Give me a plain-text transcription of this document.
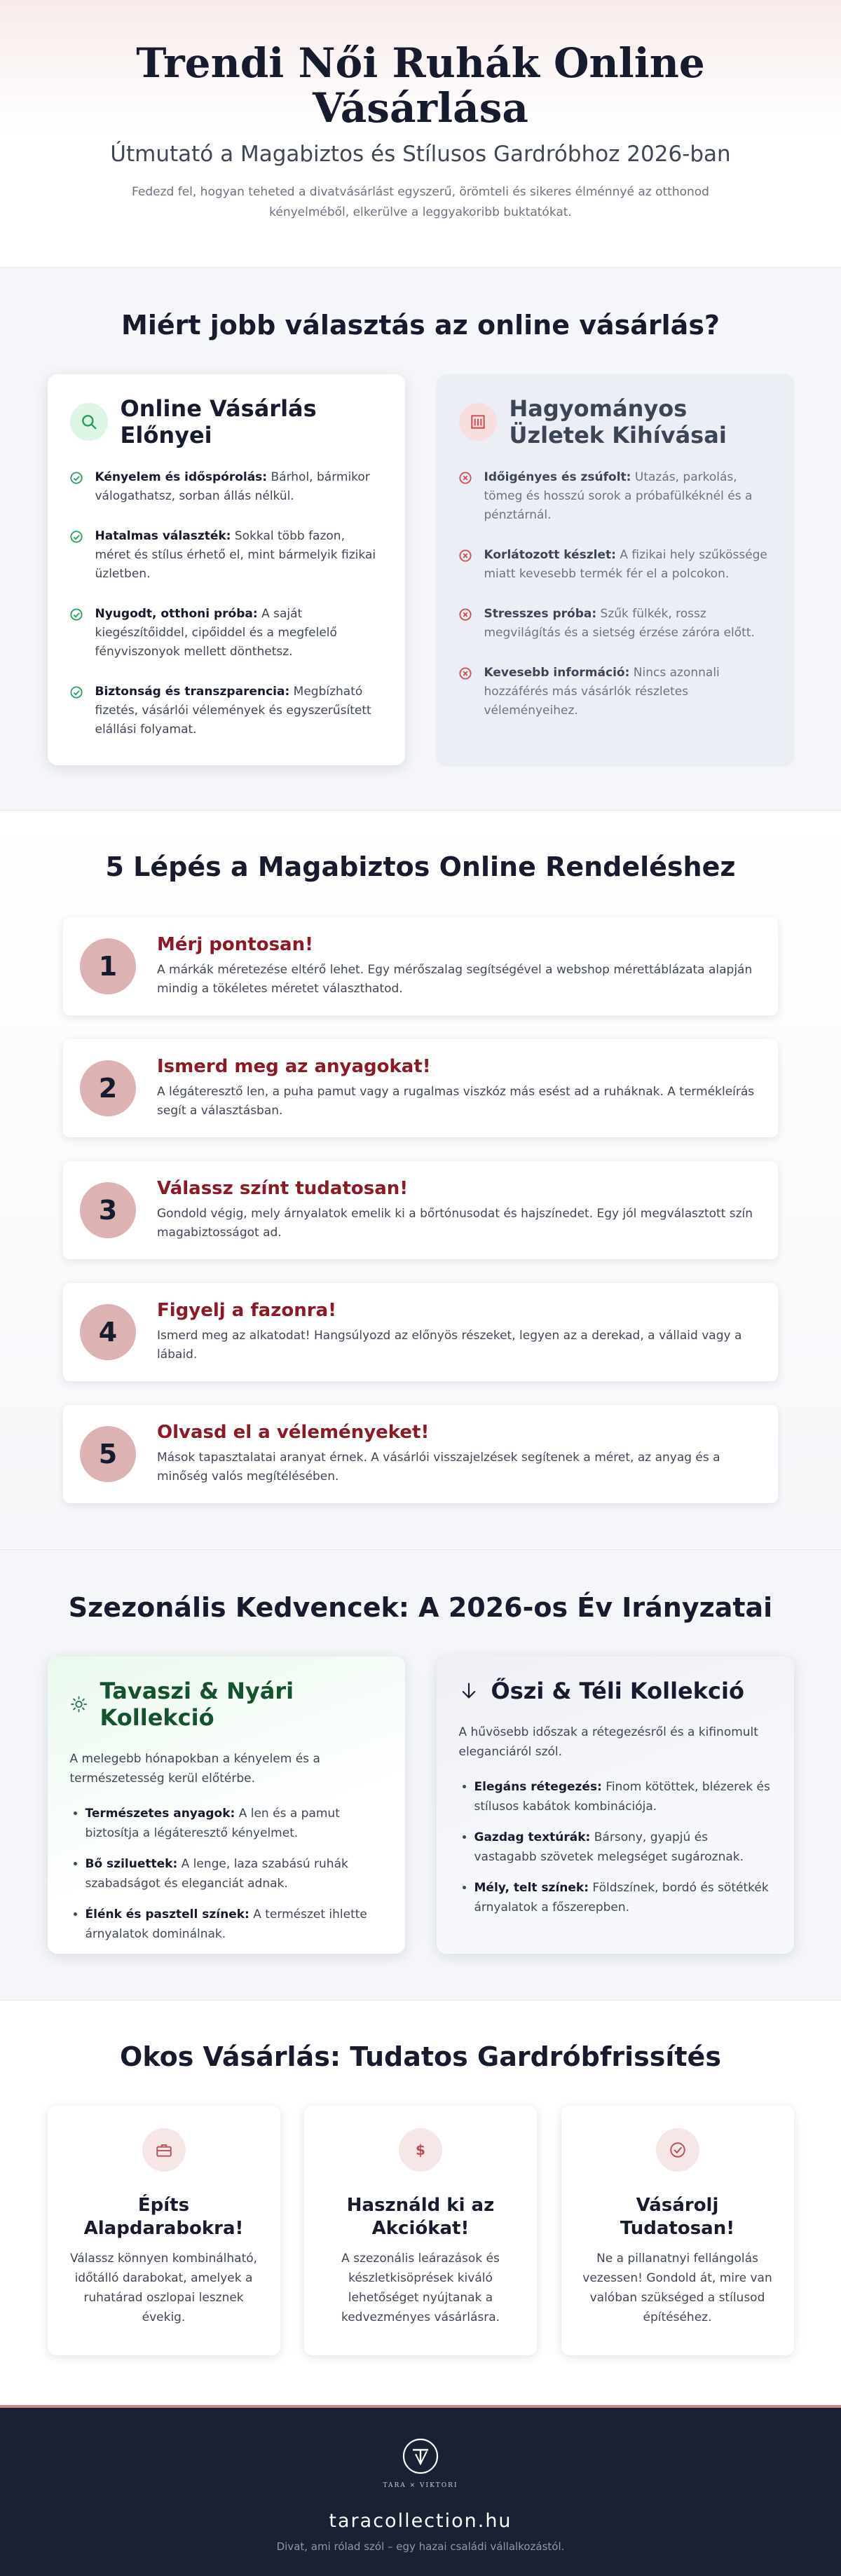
Trendi Női Ruhák Online Vásárlása
Útmutató a Magabiztos és Stílusos Gardróbhoz 2026-ban

Fedezd fel, hogyan teheted a divatvásárlást egyszerű, örömteli és sikeres élménnyé az otthonod kényelméből, elkerülve a leggyakoribb buktatókat.

Miért jobb választás az online vásárlás?
Online Vásárlás Előnyei
Kényelem és időspórolás: Bárhol, bármikor válogathatsz, sorban állás nélkül.
Hatalmas választék: Sokkal több fazon, méret és stílus érhető el, mint bármelyik fizikai üzletben.
Nyugodt, otthoni próba: A saját kiegészítőiddel, cipőiddel és a megfelelő fényviszonyok mellett dönthetsz.
Biztonság és transzparencia: Megbízható fizetés, vásárlói vélemények és egyszerűsített elállási folyamat.
Hagyományos Üzletek Kihívásai
Időigényes és zsúfolt: Utazás, parkolás, tömeg és hosszú sorok a próbafülkéknél és a pénztárnál.
Korlátozott készlet: A fizikai hely szűkössége miatt kevesebb termék fér el a polcokon.
Stresszes próba: Szűk fülkék, rossz megvilágítás és a sietség érzése záróra előtt.
Kevesebb információ: Nincs azonnali hozzáférés más vásárlók részletes véleményeihez.
5 Lépés a Magabiztos Online Rendeléshez
1
Mérj pontosan!

A márkák méretezése eltérő lehet. Egy mérőszalag segítségével a webshop mérettáblázata alapján mindig a tökéletes méretet választhatod.

2
Ismerd meg az anyagokat!

A légáteresztő len, a puha pamut vagy a rugalmas viszkóz más esést ad a ruháknak. A termékleírás segít a választásban.

3
Válassz színt tudatosan!

Gondold végig, mely árnyalatok emelik ki a bőrtónusodat és hajszínedet. Egy jól megválasztott szín magabiztosságot ad.

4
Figyelj a fazonra!

Ismerd meg az alkatodat! Hangsúlyozd az előnyös részeket, legyen az a derekad, a vállaid vagy a lábaid.

5
Olvasd el a véleményeket!

Mások tapasztalatai aranyat érnek. A vásárlói visszajelzések segítenek a méret, az anyag és a minőség valós megítélésében.

Szezonális Kedvencek: A 2026-os Év Irányzatai
Tavaszi & Nyári Kollekció

A melegebb hónapokban a kényelem és a természetesség kerül előtérbe.

• Természetes anyagok: A len és a pamut biztosítja a légáteresztő kényelmet.
• Bő sziluettek: A lenge, laza szabású ruhák szabadságot és eleganciát adnak.
• Élénk és pasztell színek: A természet ihlette árnyalatok dominálnak.
Őszi & Téli Kollekció

A hűvösebb időszak a rétegezésről és a kifinomult eleganciáról szól.

• Elegáns rétegezés: Finom kötöttek, blézerek és stílusos kabátok kombinációja.
• Gazdag textúrák: Bársony, gyapjú és vastagabb szövetek melegséget sugároznak.
• Mély, telt színek: Földszínek, bordó és sötétkék árnyalatok a főszerepben.
Okos Vásárlás: Tudatos Gardróbfrissítés
Építs Alapdarabokra!

Válassz könnyen kombinálható, időtálló darabokat, amelyek a ruhatárad oszlopai lesznek évekig.

$
Használd ki az Akciókat!

A szezonális leárazások és készletkisöprések kiváló lehetőséget nyújtanak a kedvezményes vásárlásra.

Vásárolj Tudatosan!

Ne a pillanatnyi fellángolás vezessen! Gondold át, mire van valóban szükséged a stílusod építéséhez.

TARA × VIKTORI
taracollection.hu
Divat, ami rólad szól – egy hazai családi vállalkozástól.
